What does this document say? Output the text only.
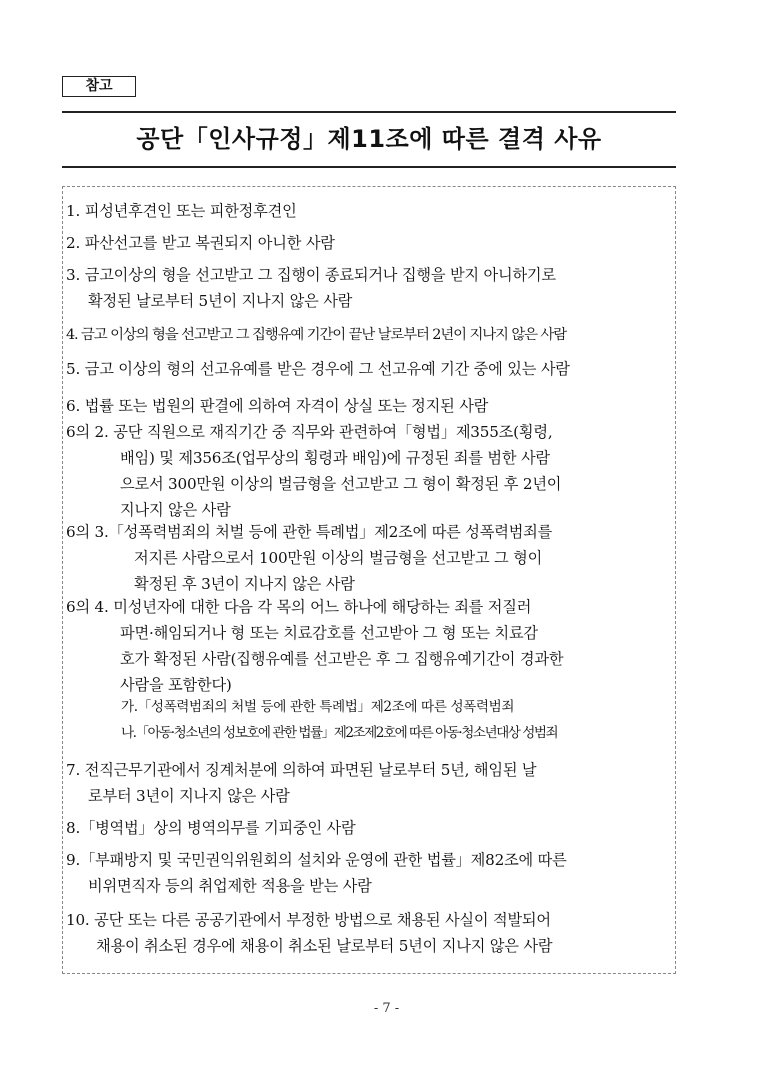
참고
공단「인사규정」제11조에 따른 결격 사유
1. 피성년후견인 또는 피한정후견인
2. 파산선고를 받고 복권되지 아니한 사람
3. 금고이상의 형을 선고받고 그 집행이 종료되거나 집행을 받지 아니하기로
확정된 날로부터 5년이 지나지 않은 사람
4. 금고 이상의 형을 선고받고 그 집행유예 기간이 끝난 날로부터 2년이 지나지 않은 사람
5. 금고 이상의 형의 선고유예를 받은 경우에 그 선고유예 기간 중에 있는 사람
6. 법률 또는 법원의 판결에 의하여 자격이 상실 또는 정지된 사람
6의 2. 공단 직원으로 재직기간 중 직무와 관련하여「형법」제355조(횡령,
배임) 및 제356조(업무상의 횡령과 배임)에 규정된 죄를 범한 사람
으로서 300만원 이상의 벌금형을 선고받고 그 형이 확정된 후 2년이
지나지 않은 사람
6의 3.「성폭력범죄의 처벌 등에 관한 특례법」제2조에 따른 성폭력범죄를
저지른 사람으로서 100만원 이상의 벌금형을 선고받고 그 형이
확정된 후 3년이 지나지 않은 사람
6의 4. 미성년자에 대한 다음 각 목의 어느 하나에 해당하는 죄를 저질러
파면·해임되거나 형 또는 치료감호를 선고받아 그 형 또는 치료감
호가 확정된 사람(집행유예를 선고받은 후 그 집행유예기간이 경과한
사람을 포함한다)
가.「성폭력범죄의 처벌 등에 관한 특례법」제2조에 따른 성폭력범죄
나.「아동·청소년의 성보호에 관한 법률」제2조제2호에 따른 아동·청소년대상 성범죄
7. 전직근무기관에서 징계처분에 의하여 파면된 날로부터 5년, 해임된 날
로부터 3년이 지나지 않은 사람
8.「병역법」상의 병역의무를 기피중인 사람
9.「부패방지 및 국민권익위원회의 설치와 운영에 관한 법률」제82조에 따른
비위면직자 등의 취업제한 적용을 받는 사람
10. 공단 또는 다른 공공기관에서 부정한 방법으로 채용된 사실이 적발되어
채용이 취소된 경우에 채용이 취소된 날로부터 5년이 지나지 않은 사람
- 7 -
